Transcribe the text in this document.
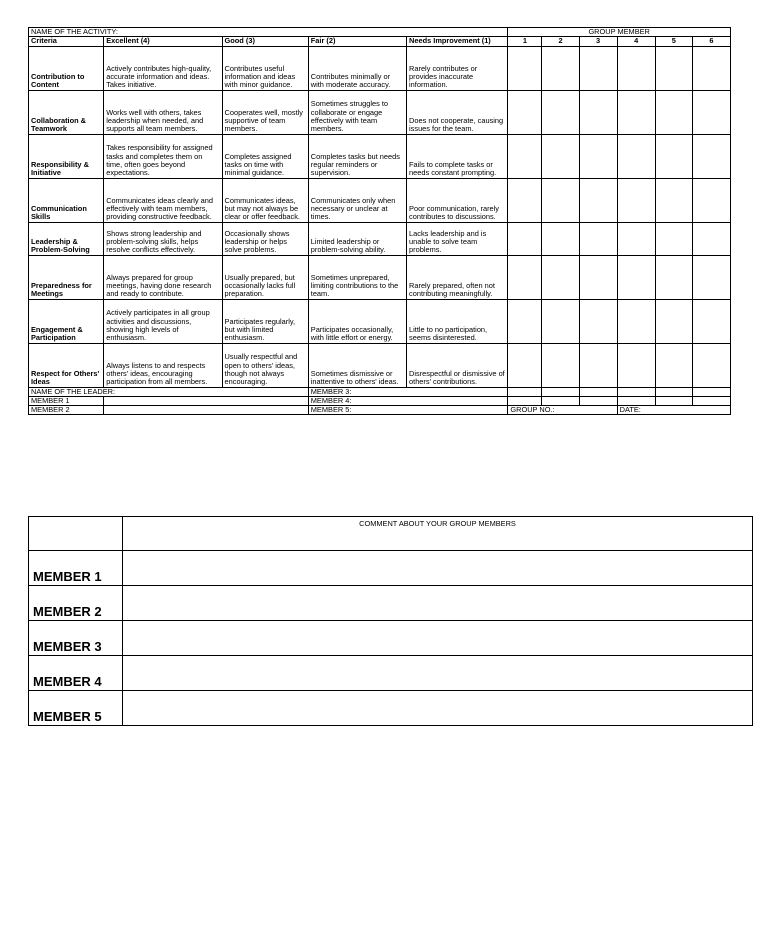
NAME OF THE ACTIVITY:					GROUP MEMBER					
Criteria	Excellent (4)	Good (3)	Fair (2)	Needs Improvement (1)	1	2	3	4	5	6
Contribution to Content	Actively contributes high-quality, accurate information and ideas. Takes initiative.	Contributes useful information and ideas with minor guidance.	Contributes minimally or with moderate accuracy.	Rarely contributes or provides inaccurate information.						
Collaboration & Teamwork	Works well with others, takes leadership when needed, and supports all team members.	Cooperates well, mostly supportive of team members.	Sometimes struggles to collaborate or engage effectively with team members.	Does not cooperate, causing issues for the team.						
Responsibility & Initiative	Takes responsibility for assigned tasks and completes them on time, often goes beyond expectations.	Completes assigned tasks on time with minimal guidance.	Completes tasks but needs regular reminders or supervision.	Fails to complete tasks or needs constant prompting.						
Communication Skills	Communicates ideas clearly and effectively with team members, providing constructive feedback.	Communicates ideas, but may not always be clear or offer feedback.	Communicates only when necessary or unclear at times.	Poor communication, rarely contributes to discussions.						
Leadership & Problem-Solving	Shows strong leadership and problem-solving skills, helps resolve conflicts effectively.	Occasionally shows leadership or helps solve problems.	Limited leadership or problem-solving ability.	Lacks leadership and is unable to solve team problems.						
Preparedness for Meetings	Always prepared for group meetings, having done research and ready to contribute.	Usually prepared, but occasionally lacks full preparation.	Sometimes unprepared, limiting contributions to the team.	Rarely prepared, often not contributing meaningfully.						
Engagement & Participation	Actively participates in all group activities and discussions, showing high levels of enthusiasm.	Participates regularly, but with limited enthusiasm.	Participates occasionally, with little effort or energy.	Little to no participation, seems disinterested.						
Respect for Others' Ideas	Always listens to and respects others' ideas, encouraging participation from all members.	Usually respectful and open to others' ideas, though not always encouraging.	Sometimes dismissive or inattentive to others' ideas.	Disrespectful or dismissive of others' contributions.						
NAME OF THE LEADER:			MEMBER 3:							
MEMBER 1			MEMBER 4:							
MEMBER 2			MEMBER 5:		GROUP NO.:			DATE:		
	COMMENT ABOUT YOUR GROUP MEMBERS
MEMBER 1	
MEMBER 2	
MEMBER 3	
MEMBER 4	
MEMBER 5	
